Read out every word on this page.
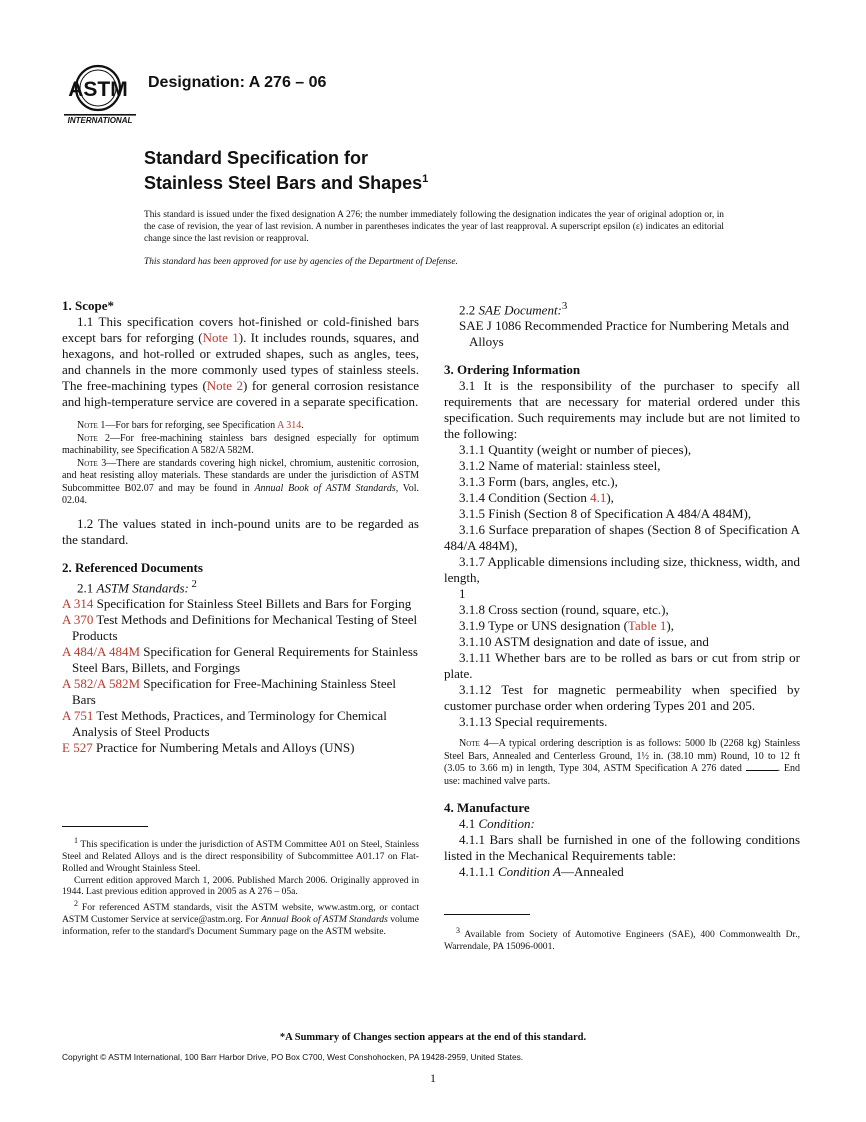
ASTM
INTERNATIONAL
Designation: A 276 – 06
Standard Specification for
Stainless Steel Bars and Shapes$^1$
This standard is issued under the fixed designation A 276; the number immediately following the designation indicates the year of original adoption or, in the case of revision, the year of last revision. A number in parentheses indicates the year of last reapproval. A superscript epsilon (ε) indicates an editorial change since the last revision or reapproval.
This standard has been approved for use by agencies of the Department of Defense.

1. Scope*

1.1 This specification covers hot-finished or cold-finished bars except bars for reforging (Note 1). It includes rounds, squares, and hexagons, and hot-rolled or extruded shapes, such as angles, tees, and channels in the more commonly used types of stainless steels. The free-machining types (Note 2) for general corrosion resistance and high-temperature service are covered in a separate specification.

Note 1—For bars for reforging, see Specification A 314.

Note 2—For free-machining stainless bars designed especially for optimum machinability, see Specification A 582/A 582M.

Note 3—There are standards covering high nickel, chromium, austenitic corrosion, and heat resisting alloy materials. These standards are under the jurisdiction of ASTM Subcommittee B02.07 and may be found in Annual Book of ASTM Standards, Vol. 02.04.

1.2 The values stated in inch-pound units are to be regarded as the standard.

2. Referenced Documents

2.1 ASTM Standards: $^2$

A 314 Specification for Stainless Steel Billets and Bars for Forging

A 370 Test Methods and Definitions for Mechanical Testing of Steel Products

A 484/A 484M Specification for General Requirements for Stainless Steel Bars, Billets, and Forgings

A 582/A 582M Specification for Free-Machining Stainless Steel Bars

A 751 Test Methods, Practices, and Terminology for Chemical Analysis of Steel Products

E 527 Practice for Numbering Metals and Alloys (UNS)

$^1$ This specification is under the jurisdiction of ASTM Committee A01 on Steel, Stainless Steel and Related Alloys and is the direct responsibility of Subcommittee A01.17 on Flat-Rolled and Wrought Stainless Steel.

Current edition approved March 1, 2006. Published March 2006. Originally approved in 1944. Last previous edition approved in 2005 as A 276 – 05a.

$^2$ For referenced ASTM standards, visit the ASTM website, www.astm.org, or contact ASTM Customer Service at service@astm.org. For Annual Book of ASTM Standards volume information, refer to the standard's Document Summary page on the ASTM website.

2.2 SAE Document:$^3$

SAE J 1086 Recommended Practice for Numbering Metals and Alloys

3. Ordering Information

3.1 It is the responsibility of the purchaser to specify all requirements that are necessary for material ordered under this specification. Such requirements may include but are not limited to the following:

3.1.1 Quantity (weight or number of pieces),

3.1.2 Name of material: stainless steel,

3.1.3 Form (bars, angles, etc.),

3.1.4 Condition (Section 4.1),

3.1.5 Finish (Section 8 of Specification A 484/A 484M),

3.1.6 Surface preparation of shapes (Section 8 of Specification A 484/A 484M),

3.1.7 Applicable dimensions including size, thickness, width, and length,

1

3.1.8 Cross section (round, square, etc.),

3.1.9 Type or UNS designation (Table 1),

3.1.10 ASTM designation and date of issue, and

3.1.11 Whether bars are to be rolled as bars or cut from strip or plate.

3.1.12 Test for magnetic permeability when specified by customer purchase order when ordering Types 201 and 205.

3.1.13 Special requirements.

Note 4—A typical ordering description is as follows: 5000 lb (2268 kg) Stainless Steel Bars, Annealed and Centerless Ground, 1½ in. (38.10 mm) Round, 10 to 12 ft (3.05 to 3.66 m) in length, Type 304, ASTM Specification A 276 dated	. End use: machined valve parts.

4. Manufacture

4.1 Condition:

4.1.1 Bars shall be furnished in one of the following conditions listed in the Mechanical Requirements table:

4.1.1.1 Condition A—Annealed

$^3$ Available from Society of Automotive Engineers (SAE), 400 Commonwealth Dr., Warrendale, PA 15096-0001.

*A Summary of Changes section appears at the end of this standard.
Copyright © ASTM International, 100 Barr Harbor Drive, PO Box C700, West Conshohocken, PA 19428-2959, United States.
1
